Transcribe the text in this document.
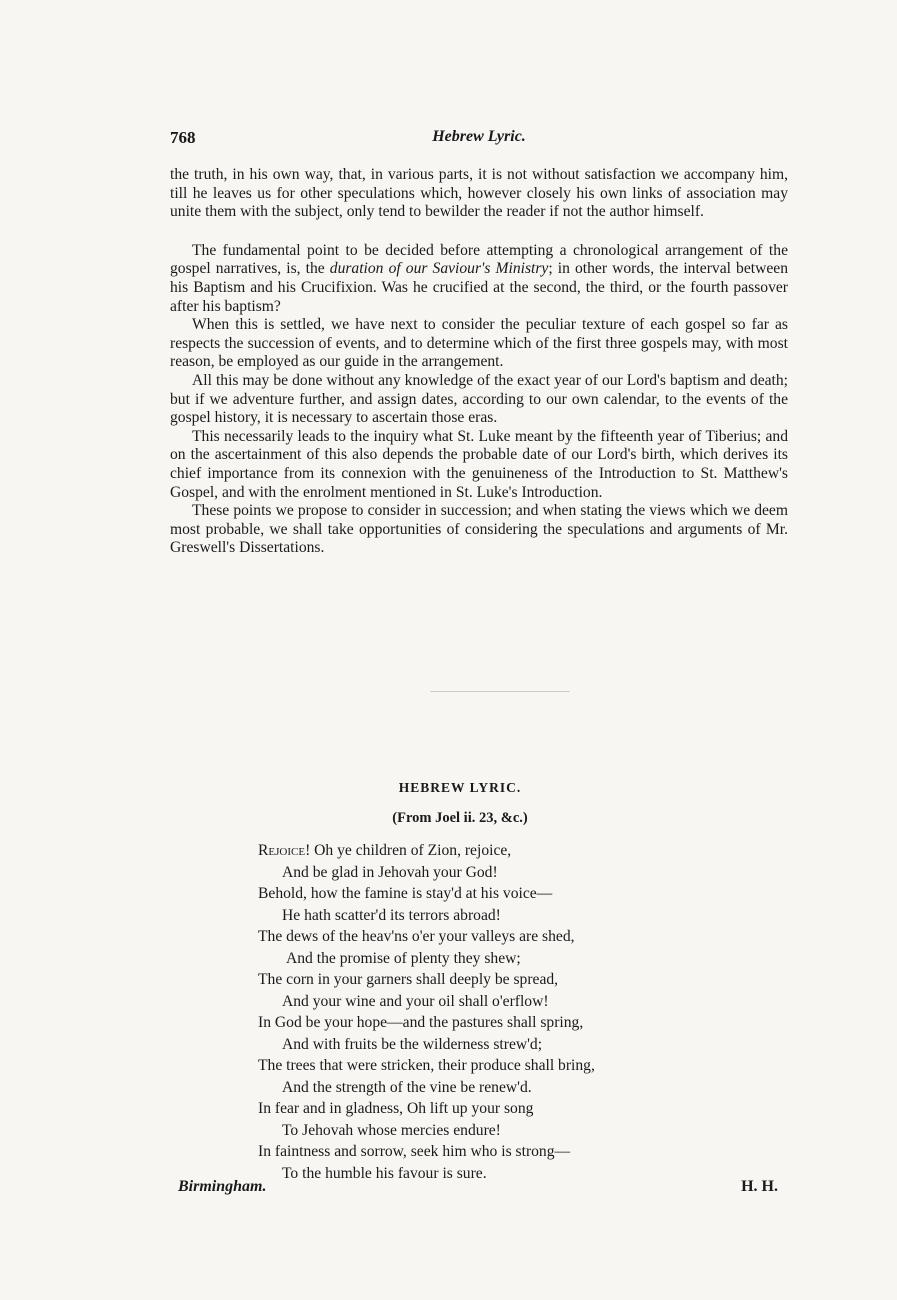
768	Hebrew Lyric.

the truth, in his own way, that, in various parts, it is not without satisfaction we accompany him, till he leaves us for other speculations which, however closely his own links of association may unite them with the subject, only tend to bewilder the reader if not the author himself.

The fundamental point to be decided before attempting a chronological arrangement of the gospel narratives, is, the duration of our Saviour's Ministry; in other words, the interval between his Baptism and his Crucifixion. Was he crucified at the second, the third, or the fourth passover after his baptism?

When this is settled, we have next to consider the peculiar texture of each gospel so far as respects the succession of events, and to determine which of the first three gospels may, with most reason, be employed as our guide in the arrangement.

All this may be done without any knowledge of the exact year of our Lord's baptism and death; but if we adventure further, and assign dates, according to our own calendar, to the events of the gospel history, it is necessary to ascertain those eras.

This necessarily leads to the inquiry what St. Luke meant by the fifteenth year of Tiberius; and on the ascertainment of this also depends the probable date of our Lord's birth, which derives its chief importance from its connexion with the genuineness of the Introduction to St. Matthew's Gospel, and with the enrolment mentioned in St. Luke's Introduction.

These points we propose to consider in succession; and when stating the views which we deem most probable, we shall take opportunities of considering the speculations and arguments of Mr. Greswell's Dissertations.

HEBREW LYRIC.
(From Joel ii. 23, &c.)
Rejoice! Oh ye children of Zion, rejoice,
And be glad in Jehovah your God!
Behold, how the famine is stay'd at his voice—
He hath scatter'd its terrors abroad!
The dews of the heav'ns o'er your valleys are shed,
And the promise of plenty they shew;
The corn in your garners shall deeply be spread,
And your wine and your oil shall o'erflow!
In God be your hope—and the pastures shall spring,
And with fruits be the wilderness strew'd;
The trees that were stricken, their produce shall bring,
And the strength of the vine be renew'd.
In fear and in gladness, Oh lift up your song
To Jehovah whose mercies endure!
In faintness and sorrow, seek him who is strong—
To the humble his favour is sure.
Birmingham.	H. H.
